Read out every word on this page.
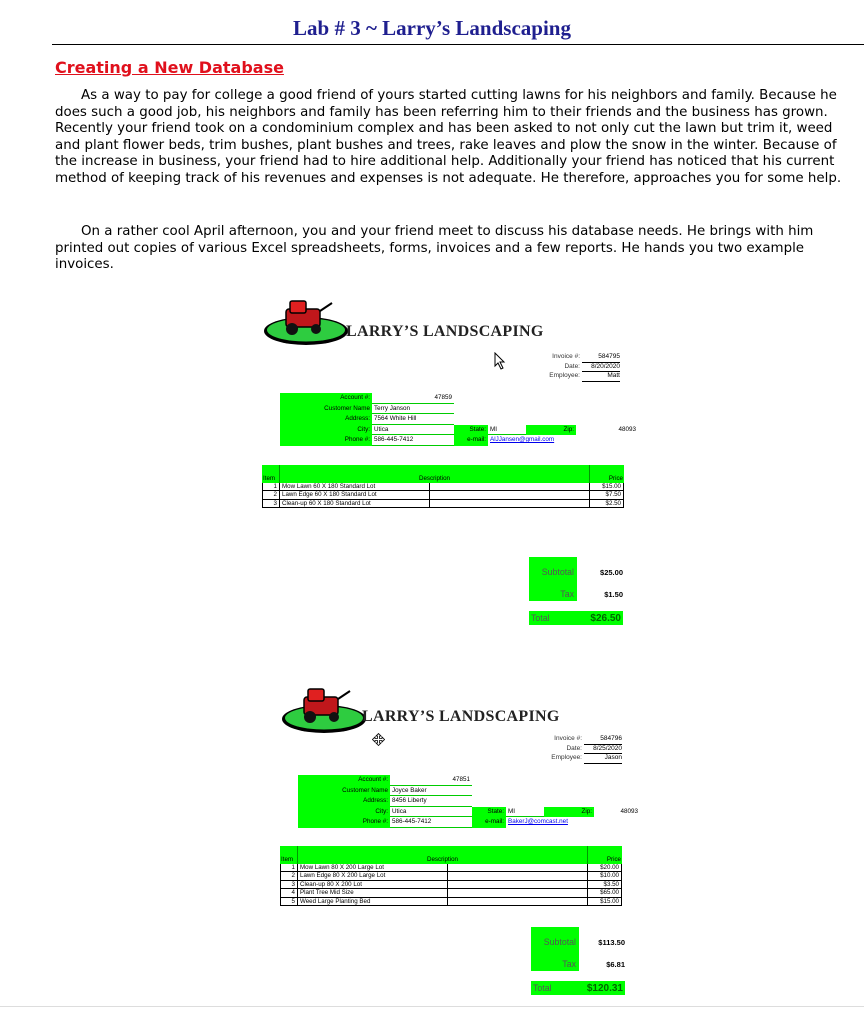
Lab # 3 ~ Larry’s Landscaping
Creating a New Database

As a way to pay for college a good friend of yours started cutting lawns for his neighbors and family. Because he does such a good job, his neighbors and family has been referring him to their friends and the business has grown. Recently your friend took on a condominium complex and has been asked to not only cut the lawn but trim it, weed and plant flower beds, trim bushes, plant bushes and trees, rake leaves and plow the snow in the winter. Because of the increase in business, your friend had to hire additional help. Additionally your friend has noticed that his current method of keeping track of his revenues and expenses is not adequate. He therefore, approaches you for some help.

On a rather cool April afternoon, you and your friend meet to discuss his database needs. He brings with him printed out copies of various Excel spreadsheets, forms, invoices and a few reports. He hands you two example invoices.

LARRY’S LANDSCAPING
Invoice #:	584795
Date:	8/20/2020
Employee:	Matt
Account #:	47859
Customer Name Terry Janson
Address: 7564 White Hill
City: Utica	State: MI	Zip:	48093
Phone #: 586-445-7412	e-mail: AlJJansen@gmail.com
Item	Description	Price
1 Mow Lawn 60 X 180 Standard Lot	$15.00
2 Lawn Edge 60 X 180 Standard Lot	$7.50
3 Clean-up 60 X 180 Standard Lot	$2.50
Subtotal	$25.00
Tax	$1.50
Total	$26.50
LARRY’S LANDSCAPING
Invoice #:	584796
Date:	8/25/2020
Employee:	Jason
Account #:	47851
Customer Name Joyce Baker
Address: 8456 Liberty
City: Utica	State: MI	Zip:	48093
Phone #: 586-445-7412	e-mail: BakerJ@comcast.net
Item	Description	Price
1 Mow Lawn 80 X 200 Large Lot	$20.00
2 Lawn Edge 80 X 200 Large Lot	$10.00
3 Clean-up 80 X 200 Lot	$3.50
4 Plant Tree Mid Size	$65.00
5 Weed Large Planting Bed	$15.00
Subtotal	$113.50
Tax	$6.81
Total	$120.31
